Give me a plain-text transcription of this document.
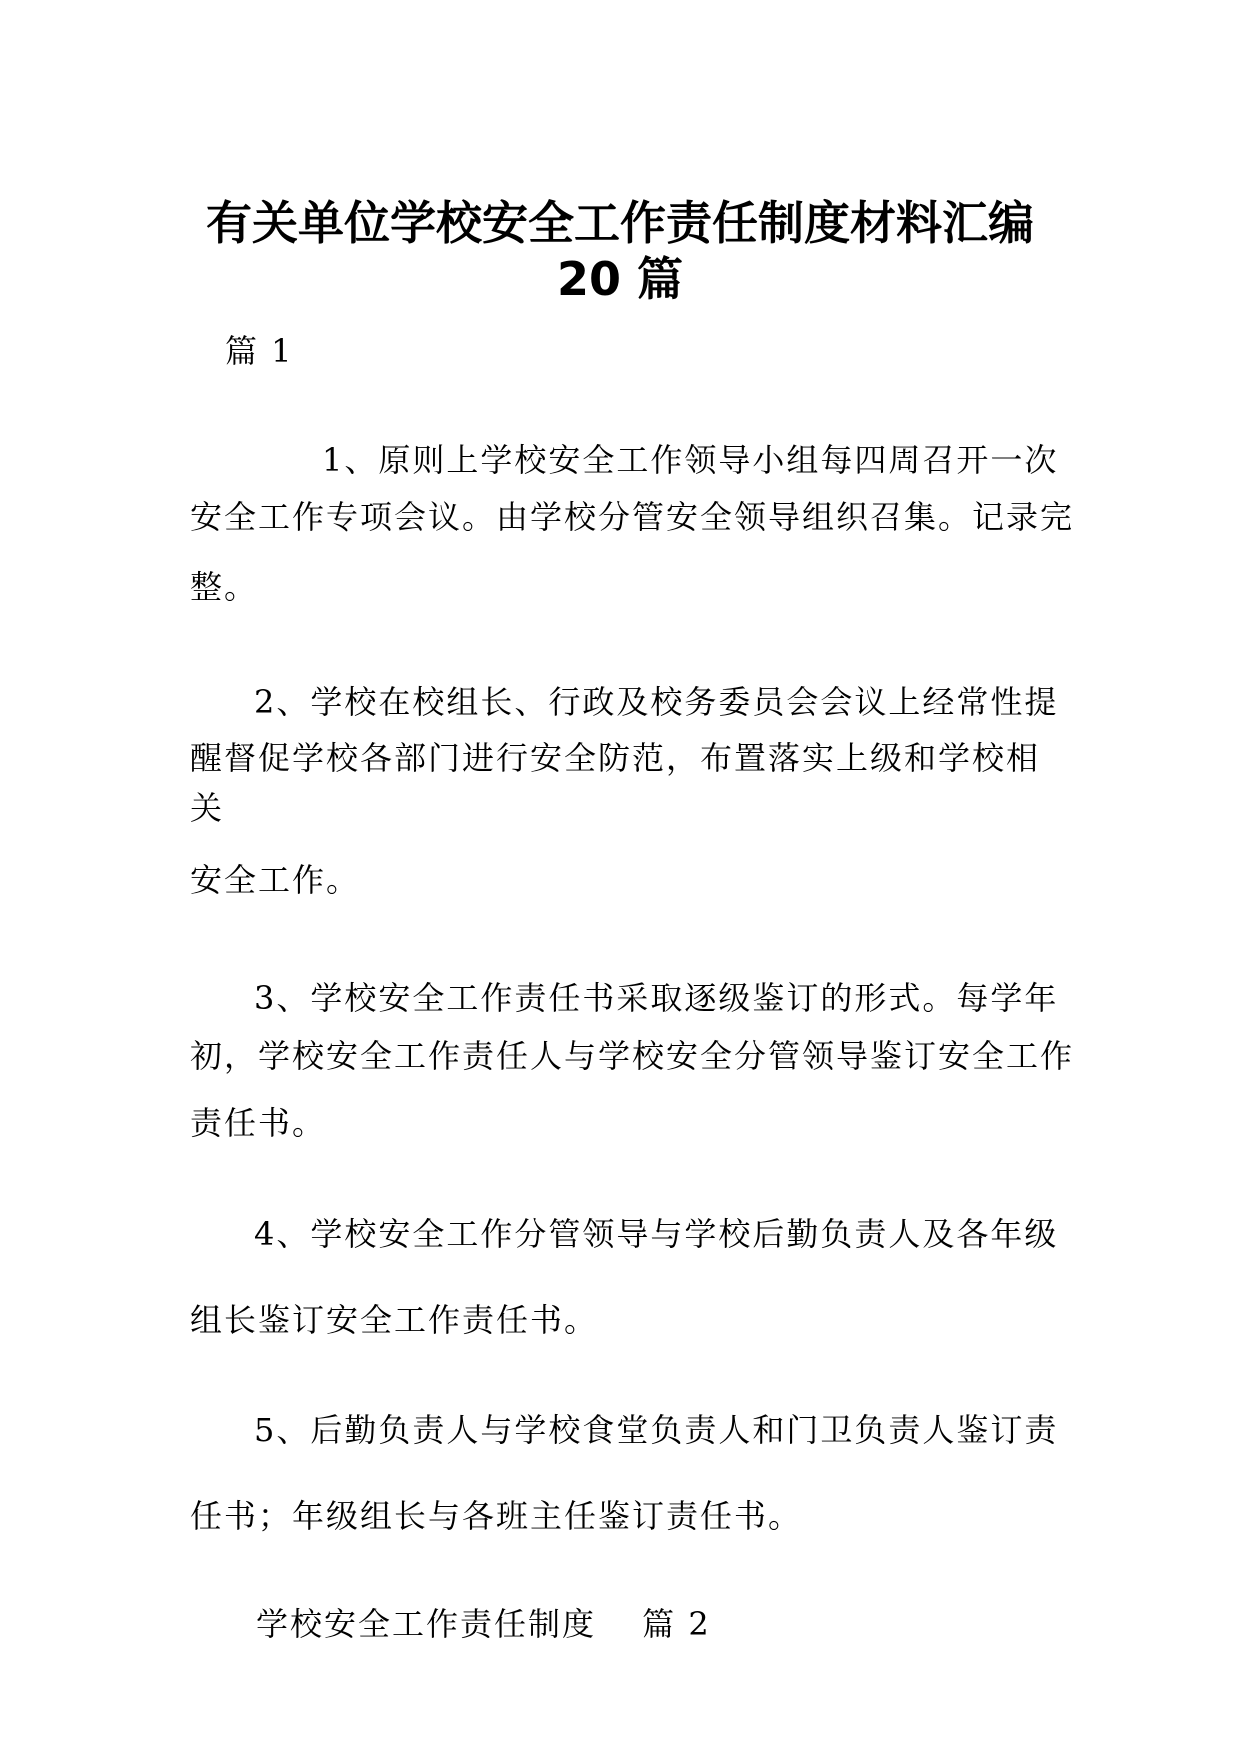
有关单位学校安全工作责任制度材料汇编
20 篇
篇 1
1、原则上学校安全工作领导小组每四周召开一次
安全工作专项会议。由学校分管安全领导组织召集。记录完
整。
2、学校在校组长、行政及校务委员会会议上经常性提
醒督促学校各部门进行安全防范，布置落实上级和学校相
关
安全工作。
3、学校安全工作责任书采取逐级鉴订的形式。每学年
初，学校安全工作责任人与学校安全分管领导鉴订安全工作
责任书。
4、学校安全工作分管领导与学校后勤负责人及各年级
组长鉴订安全工作责任书。
5、后勤负责人与学校食堂负责人和门卫负责人鉴订责
任书；年级组长与各班主任鉴订责任书。
学校安全工作责任制度　 篇 2
